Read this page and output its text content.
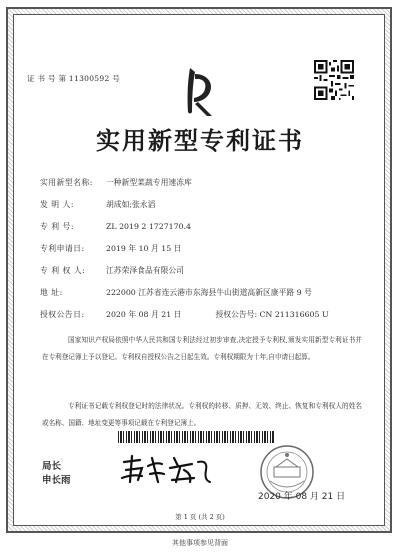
证 书 号 第 11300592 号
实用新型专利证书
实用新型名称: 一种新型菜蔬专用速冻库
发 明 人:	胡成如;张永滔
专 利 号:	ZL 2019 2 1727170.4
专利申请日:	2019 年 10 月 15 日
专 利 权 人:	江苏荣泽食品有限公司
地 址:	222000 江苏省连云港市东海县牛山街道高新区康平路 9 号
授权公告日:	2020 年 08 月 21 日	授权公告号: CN 211316605 U

国家知识产权局依照中华人民共和国专利法经过初步审查,决定授予专利权,颁发实用新型专利证书并在专利登记簿上予以登记。专利权自授权公告之日起生效。专利权期限为十年,自申请日起算。

专利证书记载专利权登记时的法律状况。专利权的转移、质押、无效、终止、恢复和专利权人的姓名或名称、国籍、地址变更等事项记载在专利登记簿上。

局长
申长雨
2020 年 08 月 21 日
第 1 页 (共 2 页)
其他事项参见背面
